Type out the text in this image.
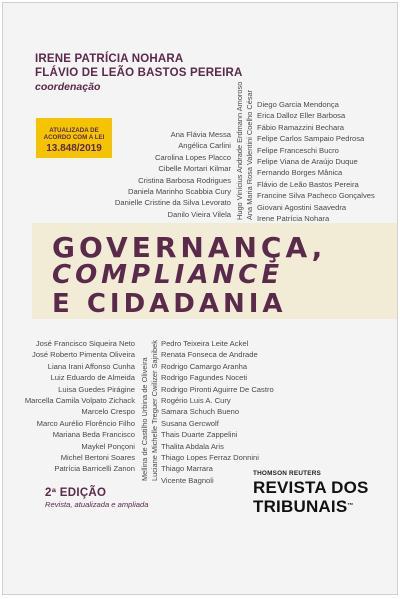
IRENE PATRÍCIA NOHARA
FLÁVIO DE LEÃO BASTOS PEREIRA
coordenação
ATUALIZADA DE
ACORDO COM A LEI
13.848/2019
Ana Flávia Messa
Angélica Carlini
Carolina Lopes Placco
Cibelle Mortari Kilmar
Cristina Barbosa Rodrigues
Daniela Marinho Scabbia Cury
Danielle Cristine da Silva Levorato
Danilo Vieira Vilela Hugo Vinícius Andrade Erdmann Amoroso Ana Maria Rosa Valentini Coelho César Diego Garcia Mendonça
Erica Dalloz Eller Barbosa
Fábio Ramazzini Bechara
Felipe Carlos Sampaio Pedrosa
Felipe Franceschi Bucro
Felipe Viana de Araújo Duque
Fernando Borges Mânica
Flávio de Leão Bastos Pereira
Francine Silva Pacheco Gonçalves
Giovani Agostini Saavedra
Irene Patrícia Nohara
GOVERNANÇA,
COMPLIANCE
E CIDADANIA
José Francisco Siqueira Neto
José Roberto Pimenta Oliveira
Liana Irani Affonso Cunha
Luiz Eduardo de Almeida
Luisa Guedes Pirágine
Marcella Camila Volpato Zichack
Marcelo Crespo
Marco Aurélio Florêncio Filho
Mariana Beda Francisco
Maykel Ponçoni
Michel Bertoni Soares
Patrícia Barricelli Zanon Mellina de Castilho Urbina de Oliveira Luciane Michelle Treguer Cwilizer Sajnibek Pedro Teixeira Leite Ackel
Renata Fonseca de Andrade
Rodrigo Camargo Aranha
Rodrigo Fagundes Noceti
Rodrigo Pironti Aguirre De Castro
Rogério Luis A. Cury
Samara Schuch Bueno
Susana Gercwolf
Thais Duarte Zappelini
Thalita Abdala Aris
Thiago Lopes Ferraz Donnini
Thiago Marrara
Vicente Bagnoli
2ª EDIÇÃO
Revista, atualizada e ampliada
THOMSON REUTERS
REVISTA DOS
TRIBUNAIS™
